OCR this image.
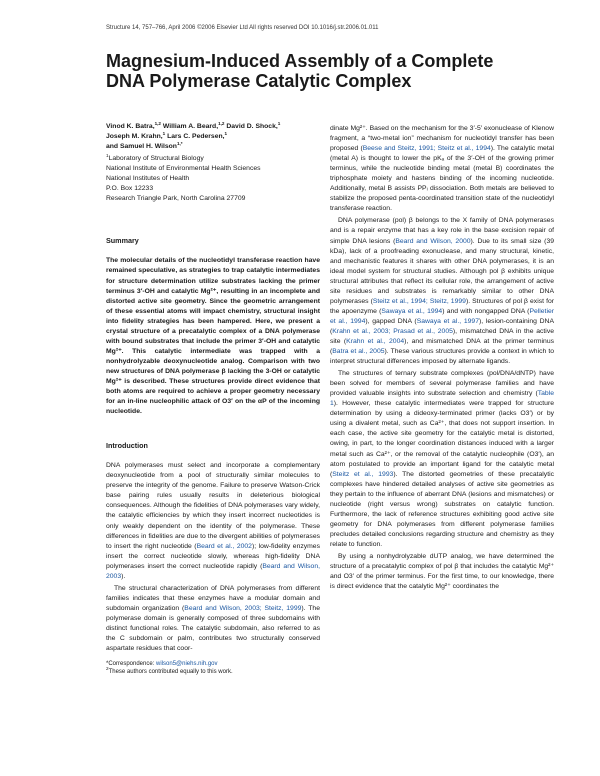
Structure 14, 757–766, April 2006 ©2006 Elsevier Ltd All rights reserved DOI 10.1016/j.str.2006.01.011
Magnesium-Induced Assembly of a Complete DNA Polymerase Catalytic Complex

Vinod K. Batra,$^{1,2}$ William A. Beard,$^{1,2}$ David D. Shock,$^1$
Joseph M. Krahn,$^1$ Lars C. Pedersen,$^1$
and Samuel H. Wilson$^{1,*}$

$^1$Laboratory of Structural Biology
National Institute of Environmental Health Sciences
National Institutes of Health
P.O. Box 12233
Research Triangle Park, North Carolina 27709
Summary

The molecular details of the nucleotidyl transferase reaction have remained speculative, as strategies to trap catalytic intermediates for structure determination utilize substrates lacking the primer terminus 3′-OH and catalytic Mg²⁺, resulting in an incomplete and distorted active site geometry. Since the geometric arrangement of these essential atoms will impact chemistry, structural insight into fidelity strategies has been hampered. Here, we present a crystal structure of a precatalytic complex of a DNA polymerase with bound substrates that include the primer 3′-OH and catalytic Mg²⁺. This catalytic intermediate was trapped with a nonhydrolyzable deoxynucleotide analog. Comparison with two new structures of DNA polymerase β lacking the 3-OH or catalytic Mg²⁺ is described. These structures provide direct evidence that both atoms are required to achieve a proper geometry necessary for an in-line nucleophilic attack of O3′ on the αP of the incoming nucleotide.

Introduction

DNA polymerases must select and incorporate a complementary deoxynucleotide from a pool of structurally similar molecules to preserve the integrity of the genome. Failure to preserve Watson-Crick base pairing rules usually results in deleterious biological consequences. Although the fidelities of DNA polymerases vary widely, the catalytic efficiencies by which they insert incorrect nucleotides is only weakly dependent on the identity of the polymerase. These differences in fidelities are due to the divergent abilities of polymerases to insert the right nucleotide (Beard et al., 2002); low-fidelity enzymes insert the correct nucleotide slowly, whereas high-fidelity DNA polymerases insert the correct nucleotide rapidly (Beard and Wilson, 2003).

The structural characterization of DNA polymerases from different families indicates that these enzymes have a modular domain and subdomain organization (Beard and Wilson, 2003; Steitz, 1999). The polymerase domain is generally composed of three subdomains with distinct functional roles. The catalytic subdomain, also referred to as the C subdomain or palm, contributes two structurally conserved aspartate residues that coor-

*Correspondence: wilson5@niehs.nih.gov
$^2$These authors contributed equally to this work.

dinate Mg²⁺. Based on the mechanism for the 3′-5′ exonuclease of Klenow fragment, a “two-metal ion” mechanism for nucleotidyl transfer has been proposed (Beese and Steitz, 1991; Steitz et al., 1994). The catalytic metal (metal A) is thought to lower the pKₐ of the 3′-OH of the growing primer terminus, while the nucleotide binding metal (metal B) coordinates the triphosphate moiety and hastens binding of the incoming nucleotide. Additionally, metal B assists PPᵢ dissociation. Both metals are believed to stabilize the proposed penta-coordinated transition state of the nucleotidyl transferase reaction.

DNA polymerase (pol) β belongs to the X family of DNA polymerases and is a repair enzyme that has a key role in the base excision repair of simple DNA lesions (Beard and Wilson, 2000). Due to its small size (39 kDa), lack of a proofreading exonuclease, and many structural, kinetic, and mechanistic features it shares with other DNA polymerases, it is an ideal model system for structural studies. Although pol β exhibits unique structural attributes that reflect its cellular role, the arrangement of active site residues and substrates is remarkably similar to other DNA polymerases (Steitz et al., 1994; Steitz, 1999). Structures of pol β exist for the apoenzyme (Sawaya et al., 1994) and with nongapped DNA (Pelletier et al., 1994), gapped DNA (Sawaya et al., 1997), lesion-containing DNA (Krahn et al., 2003; Prasad et al., 2005), mismatched DNA in the active site (Krahn et al., 2004), and mismatched DNA at the primer terminus (Batra et al., 2005). These various structures provide a context in which to interpret structural differences imposed by alternate ligands.

The structures of ternary substrate complexes (pol/DNA/dNTP) have been solved for members of several polymerase families and have provided valuable insights into substrate selection and chemistry (Table 1). However, these catalytic intermediates were trapped for structure determination by using a dideoxy-terminated primer (lacks O3′) or by using a divalent metal, such as Ca²⁺, that does not support insertion. In each case, the active site geometry for the catalytic metal is distorted, owing, in part, to the longer coordination distances induced with a larger metal such as Ca²⁺, or the removal of the catalytic nucleophile (O3′), an atom postulated to provide an important ligand for the catalytic metal (Steitz et al., 1993). The distorted geometries of these precatalytic complexes have hindered detailed analyses of active site geometries as they pertain to the influence of aberrant DNA (lesions and mismatches) or nucleotide (right versus wrong) substrates on catalytic function. Furthermore, the lack of reference structures exhibiting good active site geometry for DNA polymerases from different polymerase families precludes detailed conclusions regarding structure and chemistry as they relate to function.

By using a nonhydrolyzable dUTP analog, we have determined the structure of a precatalytic complex of pol β that includes the catalytic Mg²⁺ and O3′ of the primer terminus. For the first time, to our knowledge, there is direct evidence that the catalytic Mg²⁺ coordinates the
